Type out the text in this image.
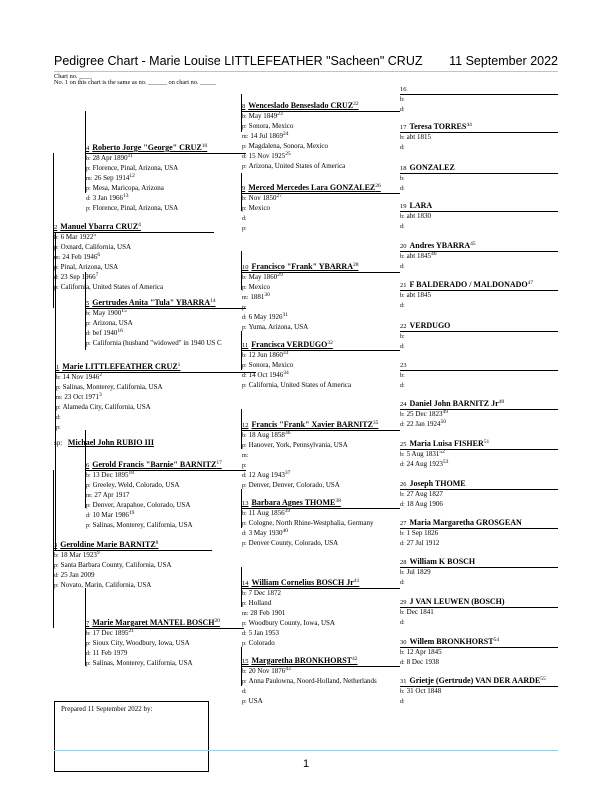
Pedigree Chart - Marie Louise LITTLEFEATHER "Sacheen" CRUZ 11 September 2022
Chart no. ____
No. 1 on this chart is the same as no. ______ on chart no. _____
1 Marie LITTLEFEATHER CRUZ$^1$
b: 14 Nov 1946$^2$
p: Salinas, Monterey, California, USA
m: 23 Oct 1971$^3$
p: Alameda City, California, USA
d:
p:
2 Manuel Ybarra CRUZ$^4$
b: 6 Mar 1922$^5$
p: Oxnard, California, USA
m: 24 Feb 1946$^6$
p: Pinal, Arizona, USA
d: 23 Sep 1966$^7$
p: California, United States of America
3 Geroldine Marie BARNITZ$^8$
b: 18 Mar 1923$^9$
p: Santa Barbara County, California, USA
d: 25 Jan 2009
p: Novato, Marin, California, USA
4 Roberto Jorge "George" CRUZ$^{10}$
b: 28 Apr 1890$^{11}$
p: Florence, Pinal, Arizona, USA
m: 26 Sep 1914$^{12}$
p: Mesa, Maricopa, Arizona
d: 3 Jan 1966$^{13}$
p: Florence, Pinal, Arizona, USA
5 Gertrudes Anita "Tula" YBARRA$^{14}$
b: May 1900$^{15}$
p: Arizona, USA
d: bef 1940$^{16}$
p: California (husband "widowed" in 1940 US C
6 Gerold Francis "Barnie" BARNITZ$^{17}$
b: 13 Dec 1895$^{18}$
p: Greeley, Weld, Colorado, USA
m: 27 Apr 1917
p: Denver, Arapahoe, Colorado, USA
d: 10 Mar 1986$^{19}$
p: Salinas, Monterey, California, USA
7 Marie Margaret MANTEL BOSCH$^{20}$
b: 17 Dec 1895$^{21}$
p: Sioux City, Woodbury, Iowa, USA
d: 11 Feb 1979
p: Salinas, Monterey, California, USA
8 Wenceslado Benseslado CRUZ$^{22}$
b: May 1849$^{23}$
p: Sonora, Mexico
m: 14 Jul 1869$^{24}$
p: Magdalena, Sonora, Mexico
d: 15 Nov 1925$^{25}$
p: Arizona, United States of America
9 Merced Mercedes Lara GONZALEZ$^{26}$
b: Nov 1850$^{27}$
p: Mexico
d:
p:
10 Francisco "Frank" YBARRA$^{28}$
b: May 1860$^{29}$
p: Mexico
m: 1881$^{30}$
p:
d: 6 May 1926$^{31}$
p: Yuma, Arizona, USA
11 Francisca VERDUGO$^{32}$
b: 12 Jun 1860$^{33}$
p: Sonora, Mexico
d: 14 Oct 1946$^{34}$
p: California, United States of America
12 Francis "Frank" Xavier BARNITZ$^{35}$
b: 18 Aug 1858$^{36}$
p: Hanover, York, Pennsylvania, USA
m:
p:
d: 12 Aug 1943$^{37}$
p: Denver, Denver, Colorado, USA
13 Barbara Agnes THOME$^{38}$
b: 11 Aug 1856$^{39}$
p: Cologne, North Rhine-Westphalia, Germany
d: 3 May 1930$^{40}$
p: Denver County, Colorado, USA
14 William Cornelius BOSCH Jr$^{41}$
b: 7 Dec 1872
p: Holland
m: 28 Feb 1901
p: Woodbury County, Iowa, USA
d: 5 Jan 1953
p: Colorado
15 Margaretha BRONKHORST$^{42}$
b: 20 Nov 1876$^{43}$
p: Anna Paulowna, Noord-Holland, Netherlands
d:
p: USA
16
b:
d:
17 Teresa TORRES$^{44}$
b: abt 1815
d:
18 GONZALEZ
b:
d:
19 LARA
b: abt 1830
d:
20 Andres YBARRA$^{45}$
b: abt 1845$^{46}$
d:
21 F BALDERADO / MALDONADO$^{47}$
b: abt 1845
d:
22 VERDUGO
b:
d:
23
b:
d:
24 Daniel John BARNITZ Jr$^{48}$
b: 25 Dec 1823$^{49}$
d: 22 Jan 1924$^{50}$
25 Maria Luisa FISHER$^{51}$
b: 5 Aug 1831$^{52}$
d: 24 Aug 1923$^{53}$
26 Joseph THOME
b: 27 Aug 1827
d: 18 Aug 1906
27 Maria Margaretha GROSGEAN
b: 1 Sep 1826
d: 27 Jul 1912
28 William K BOSCH
b: Jul 1829
d:
29 J VAN LEUWEN (BOSCH)
b: Dec 1841
d:
30 Willem BRONKHORST$^{54}$
b: 12 Apr 1845
d: 8 Dec 1938
31 Grietje (Gertrude) VAN DER AARDE$^{55}$
b: 31 Oct 1848
d:
sp: Michael John RUBIO III
Prepared 11 September 2022 by:
1
